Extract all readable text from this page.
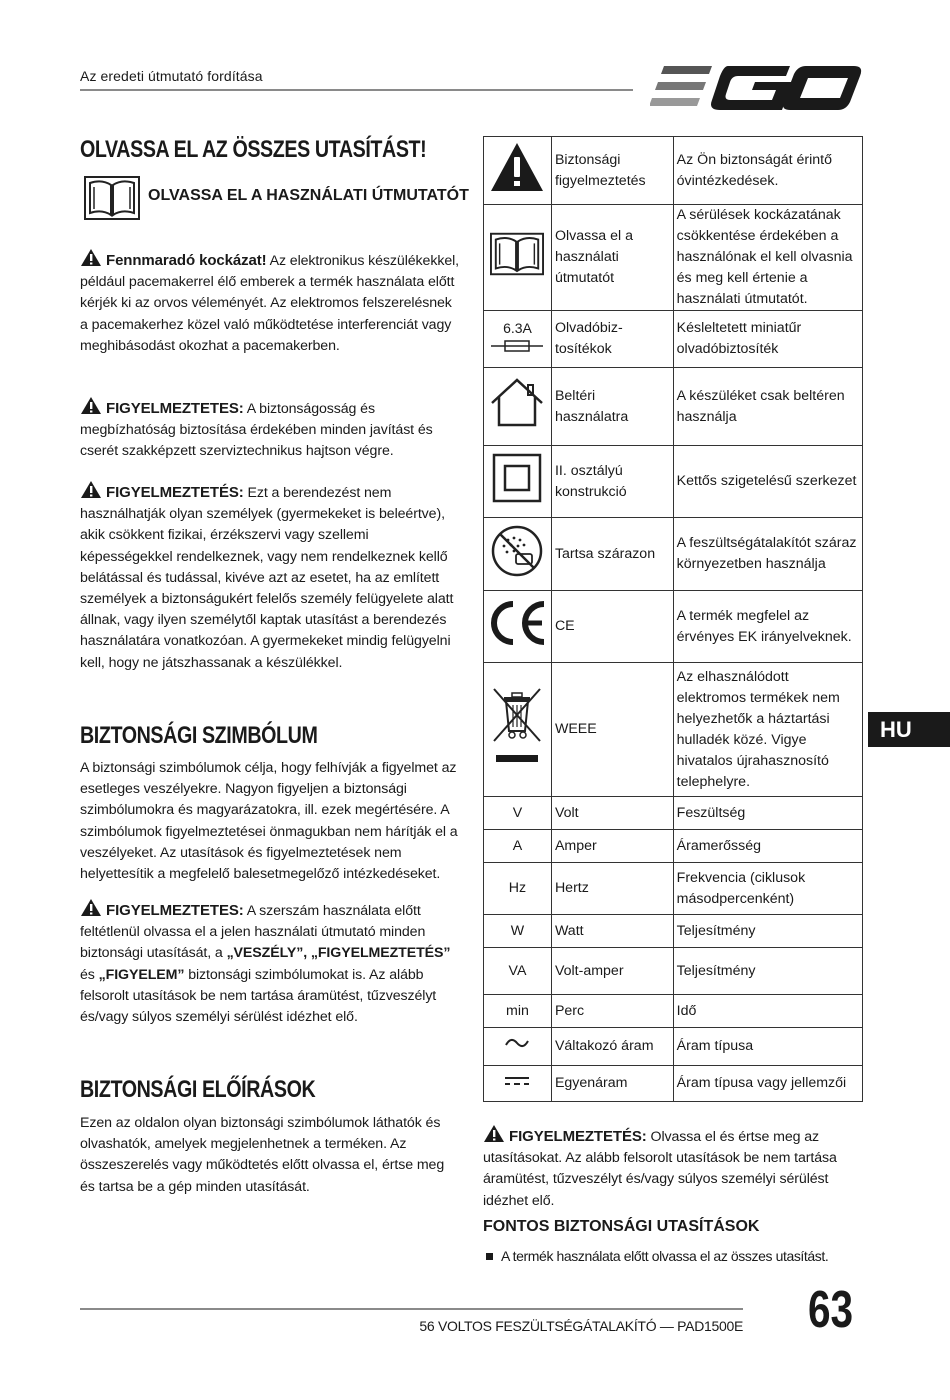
Az eredeti útmutató fordítása
OLVASSA EL AZ ÖSSZES UTASÍTÁST!
OLVASSA EL A HASZNÁLATI ÚTMUTATÓT
Fennmaradó kockázat! Az elektronikus készülékekkel, például pacemakerrel élő emberek a termék használata előtt kérjék ki az orvos véleményét. Az elektromos felszerelésnek a pacemakerhez közel való működtetése interferenciát vagy meghibásodást okozhat a pacemakerben.
FIGYELMEZTETES: A biztonságosság és megbízhatóság biztosítása érdekében minden javítást és cserét szakképzett szerviztechnikus hajtson végre.
FIGYELMEZTETÉS: Ezt a berendezést nem használhatják olyan személyek (gyermekeket is beleértve), akik csökkent fizikai, érzékszervi vagy szellemi képességekkel rendelkeznek, vagy nem rendelkeznek kellő belátással és tudással, kivéve azt az esetet, ha az említett személyek a biztonságukért felelős személy felügyelete alatt állnak, vagy ilyen személytől kaptak utasítást a berendezés használatára vonatkozóan. A gyermekeket mindig felügyelni kell, hogy ne játszhassanak a készülékkel.
BIZTONSÁGI SZIMBÓLUM
A biztonsági szimbólumok célja, hogy felhívják a figyelmet az esetleges veszélyekre. Nagyon figyeljen a biztonsági szimbólumokra és magyarázatokra, ill. ezek megértésére. A szimbólumok figyelmeztetései önmagukban nem hárítják el a veszélyeket. Az utasítások és figyelmeztetések nem helyettesítik a megfelelő balesetmegelőző intézkedéseket.
FIGYELMEZTETES: A szerszám használata előtt feltétlenül olvassa el a jelen használati útmutató minden biztonsági utasítását, a „VESZÉLY”, „FIGYELMEZTETÉS” és „FIGYELEM” biztonsági szimbólumokat is. Az alább felsorolt utasítások be nem tartása áramütést, tűzveszélyt és/vagy súlyos személyi sérülést idézhet elő.
BIZTONSÁGI ELŐÍRÁSOK
Ezen az oldalon olyan biztonsági szimbólumok láthatók és olvashatók, amelyek megjelenhetnek a terméken. Az összeszerelés vagy működtetés előtt olvassa el, értse meg és tartsa be a gép minden utasítását.
	Biztonsági figyelmeztetés	Az Ön biztonságát érintő óvintézkedések.
	Olvassa el a használati útmutatót	A sérülések kockázatának csökkentése érdekében a használónak el kell olvasnia és meg kell értenie a használati útmutatót.

6.3A	Olvadóbiz-tosítékok	Késleltetett miniatűr olvadóbiztosíték
	Beltéri használatra	A készüléket csak beltéren használja
	II. osztályú konstrukció	Kettős szigetelésű szerkezet
	Tartsa szárazon	A feszültségátalakítót száraz környezetben használja
	CE	A termék megfelel az érvényes EK irányelveknek.
	WEEE	Az elhasználódott elektromos termékek nem helyezhetők a háztartási hulladék közé. Vigye hivatalos újrahasznosító telephelyre.
V	Volt	Feszültség
A	Amper	Áramerősség
Hz	Hertz	Frekvencia (ciklusok másodpercenként)
W	Watt	Teljesítmény
VA	Volt-amper	Teljesítmény
min	Perc	Idő
	Váltakozó áram	Áram típusa
	Egyenáram	Áram típusa vagy jellemzői
HU
FIGYELMEZTETÉS: Olvassa el és értse meg az utasításokat. Az alább felsorolt utasítások be nem tartása áramütést, tűzveszélyt és/vagy súlyos személyi sérülést idézhet elő.
FONTOS BIZTONSÁGI UTASÍTÁSOK
A termék használata előtt olvassa el az összes utasítást.
56 VOLTOS FESZÜLTSÉGÁTALAKÍTÓ — PAD1500E 63
